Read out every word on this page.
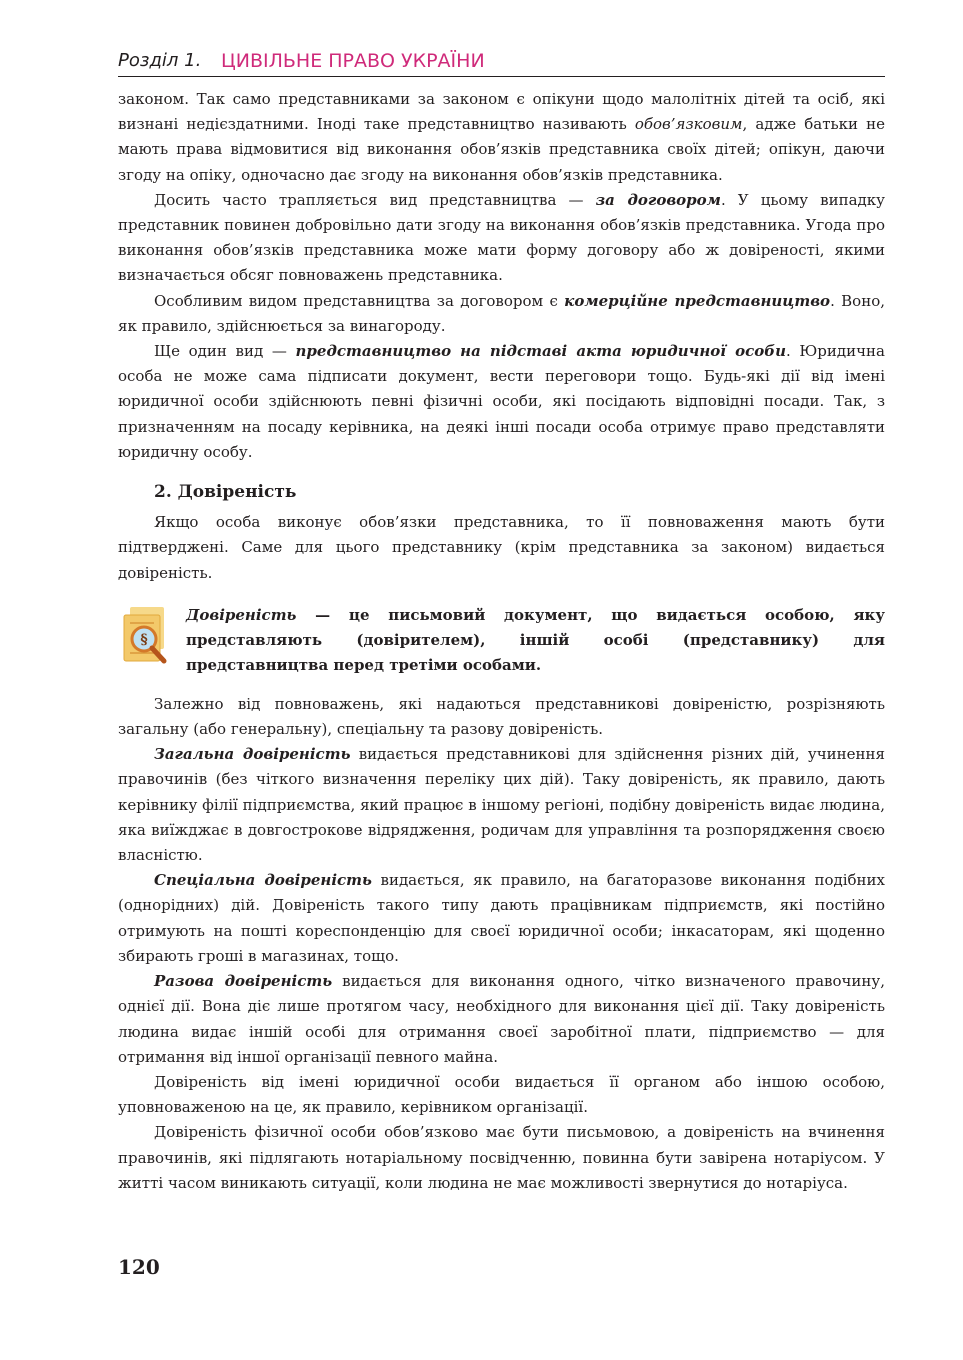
Розділ 1. ЦИВІЛЬНЕ ПРАВО УКРАЇНИ

законом. Так само представниками за законом є опікуни щодо малолітніх дітей та осіб, які визнані недієздатними. Іноді таке представництво називають обов’язковим, адже батьки не мають права відмовитися від виконання обов’язків представника своїх дітей; опікун, даючи згоду на опіку, одночасно дає згоду на виконання обов’язків представника.

Досить часто трапляється вид представництва — за договором. У цьому випадку представник повинен добровільно дати згоду на виконання обов’язків представника. Угода про виконання обов’язків представника може мати форму договору або ж довіреності, якими визначається обсяг повноважень представника.

Особливим видом представництва за договором є комерційне представництво. Воно, як правило, здійснюється за винагороду.

Ще один вид — представництво на підставі акта юридичної особи. Юридична особа не може сама підписати документ, вести переговори тощо. Будь-які дії від імені юридичної особи здійснюють певні фізичні особи, які посідають відповідні посади. Так, з призначенням на посаду керівника, на деякі інші посади особа отримує право представляти юридичну особу.

2. Довіреність

Якщо особа виконує обов’язки представника, то її повноваження мають бути підтверджені. Саме для цього представнику (крім представника за законом) видається довіреність.

§

Довіреність — це письмовий документ, що видається особою, яку представляють (довірителем), іншій особі (представнику) для представництва перед третіми особами.

Залежно від повноважень, які надаються представникові довіреністю, розрізняють загальну (або генеральну), спеціальну та разову довіреність.

Загальна довіреність видається представникові для здійснення різних дій, учинення правочинів (без чіткого визначення переліку цих дій). Таку довіреність, як правило, дають керівнику філії підприємства, який працює в іншому регіоні, подібну довіреність видає людина, яка виїжджає в довгострокове відрядження, родичам для управління та розпорядження своєю власністю.

Спеціальна довіреність видається, як правило, на багаторазове виконання подібних (однорідних) дій. Довіреність такого типу дають працівникам підприємств, які постійно отримують на пошті кореспонденцію для своєї юридичної особи; інкасаторам, які щоденно збирають гроші в магазинах, тощо.

Разова довіреність видається для виконання одного, чітко визначеного правочину, однієї дії. Вона діє лише протягом часу, необхідного для виконання цієї дії. Таку довіреність людина видає іншій особі для отримання своєї заробітної плати, підприємство — для отримання від іншої організації певного майна.

Довіреність від імені юридичної особи видається її органом або іншою особою, уповноваженою на це, як правило, керівником організації.

Довіреність фізичної особи обов’язково має бути письмовою, а довіреність на вчинення правочинів, які підлягають нотаріальному посвідченню, повинна бути завірена нотаріусом. У житті часом виникають ситуації, коли людина не має можливості звернутися до нотаріуса.

120
